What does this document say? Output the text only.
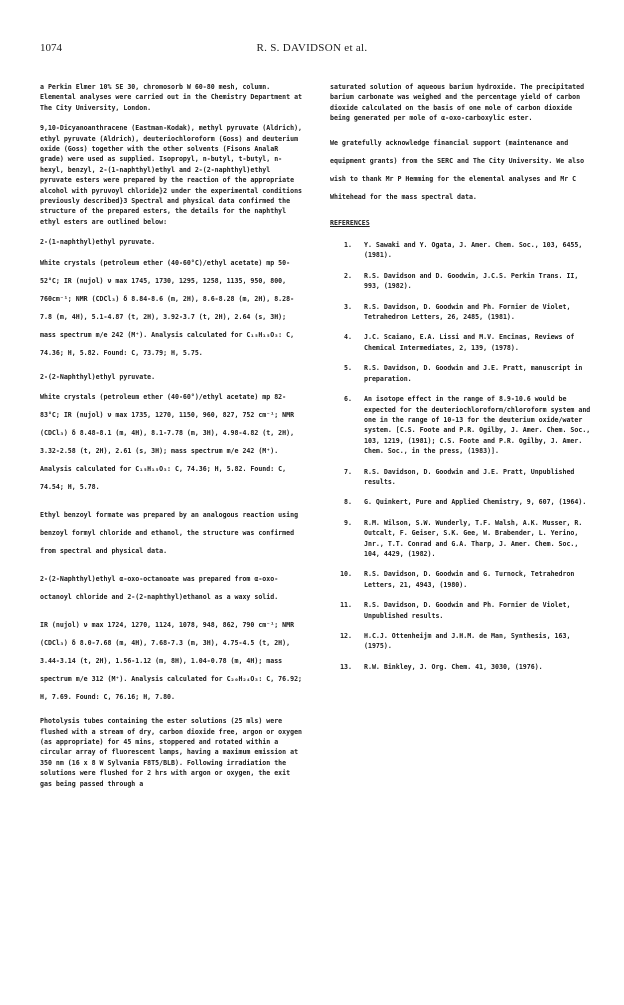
1074	R. S. DAVIDSON et al.

a Perkin Elmer 10% SE 30, chromosorb W 60-80 mesh, column. Elemental analyses were carried out in the Chemistry Department at The City University, London.

9,10-Dicyanoanthracene (Eastman-Kodak), methyl pyruvate (Aldrich), ethyl pyruvate (Aldrich), deuteriochloroform (Goss) and deuterium oxide (Goss) together with the other solvents (Fisons AnalaR grade) were used as supplied. Isopropyl, n-butyl, t-butyl, n-hexyl, benzyl, 2-(1-naphthyl)ethyl and 2-(2-naphthyl)ethyl pyruvate esters were prepared by the reaction of the appropriate alcohol with pyruvoyl chloride}2 under the experimental conditions previously described}3 Spectral and physical data confirmed the structure of the prepared esters, the details for the naphthyl ethyl esters are outlined below:

2-(1-naphthyl)ethyl pyruvate.

White crystals (petroleum ether (40-60°C)/ethyl acetate) mp 50-52°C; IR (nujol) ν max 1745, 1730, 1295, 1258, 1135, 950, 800, 760cm⁻¹; NMR (CDCl₃) δ 8.84-8.6 (m, 2H), 8.6-8.28 (m, 2H), 8.28-7.8 (m, 4H), 5.1-4.87 (t, 2H), 3.92-3.7 (t, 2H), 2.64 (s, 3H); mass spectrum m/e 242 (M⁺). Analysis calculated for C₁₅H₁₅O₃: C, 74.36; H, 5.82. Found: C, 73.79; H, 5.75.

2-(2-Naphthyl)ethyl pyruvate.

White crystals (petroleum ether (40-60°)/ethyl acetate) mp 82-83°C; IR (nujol) ν max 1735, 1270, 1150, 960, 827, 752 cm⁻¹; NMR (CDCl₃) δ 8.48-8.1 (m, 4H), 8.1-7.78 (m, 3H), 4.98-4.82 (t, 2H), 3.32-2.58 (t, 2H), 2.61 (s, 3H); mass spectrum m/e 242 (M⁺). Analysis calculated for C₁₅H₁₅O₃: C, 74.36; H, 5.82. Found: C, 74.54; H, 5.78.

Ethyl benzoyl formate was prepared by an analogous reaction using benzoyl formyl chloride and ethanol, the structure was confirmed from spectral and physical data.

2-(2-Naphthyl)ethyl α-oxo-octanoate was prepared from α-oxo-octanoyl chloride and 2-(2-naphthyl)ethanol as a waxy solid.

IR (nujol) ν max 1724, 1270, 1124, 1078, 948, 862, 790 cm⁻¹; NMR (CDCl₃) δ 8.0-7.68 (m, 4H), 7.68-7.3 (m, 3H), 4.75-4.5 (t, 2H), 3.44-3.14 (t, 2H), 1.56-1.12 (m, 8H), 1.04-0.78 (m, 4H); mass spectrum m/e 312 (M⁺). Analysis calculated for C₂₀H₂₄O₃: C, 76.92; H, 7.69. Found: C, 76.16; H, 7.80.

Photolysis tubes containing the ester solutions (25 mls) were flushed with a stream of dry, carbon dioxide free, argon or oxygen (as appropriate) for 45 mins, stoppered and rotated within a circular array of fluorescent lamps, having a maximum emission at 350 nm (16 x 8 W Sylvania F8T5/BLB). Following irradiation the solutions were flushed for 2 hrs with argon or oxygen, the exit gas being passed through a

saturated solution of aqueous barium hydroxide. The precipitated barium carbonate was weighed and the percentage yield of carbon dioxide calculated on the basis of one mole of carbon dioxide being generated per mole of α-oxo-carboxylic ester.

We gratefully acknowledge financial support (maintenance and equipment grants) from the SERC and The City University. We also wish to thank Mr P Hemming for the elemental analyses and Mr C Whitehead for the mass spectral data.

REFERENCES
1.	Y. Sawaki and Y. Ogata, J. Amer. Chem. Soc., 103, 6455, (1981).
2.	R.S. Davidson and D. Goodwin, J.C.S. Perkin Trans. II, 993, (1982).
3.	R.S. Davidson, D. Goodwin and Ph. Fornier de Violet, Tetrahedron Letters, 26, 2485, (1981).
4.	J.C. Scaiano, E.A. Lissi and M.V. Encinas, Reviews of Chemical Intermediates, 2, 139, (1978).
5.	R.S. Davidson, D. Goodwin and J.E. Pratt, manuscript in preparation.
6.	An isotope effect in the range of 8.9-10.6 would be expected for the deuteriochloroform/chloroform system and one in the range of 10-13 for the deuterium oxide/water system. [C.S. Foote and P.R. Ogilby, J. Amer. Chem. Soc., 103, 1219, (1981); C.S. Foote and P.R. Ogilby, J. Amer. Chem. Soc., in the press, (1983)].
7.	R.S. Davidson, D. Goodwin and J.E. Pratt, Unpublished results.
8.	G. Quinkert, Pure and Applied Chemistry, 9, 607, (1964).
9.	R.M. Wilson, S.W. Wunderly, T.F. Walsh, A.K. Musser, R. Outcalt, F. Geiser, S.K. Gee, W. Brabender, L. Yerino, Jnr., T.T. Conrad and G.A. Tharp, J. Amer. Chem. Soc., 104, 4429, (1982).
10.	R.S. Davidson, D. Goodwin and G. Turnock, Tetrahedron Letters, 21, 4943, (1980).
11.	R.S. Davidson, D. Goodwin and Ph. Fornier de Violet, Unpublished results.
12.	H.C.J. Ottenheijm and J.H.M. de Man, Synthesis, 163, (1975).
13.	R.W. Binkley, J. Org. Chem. 41, 3030, (1976).
